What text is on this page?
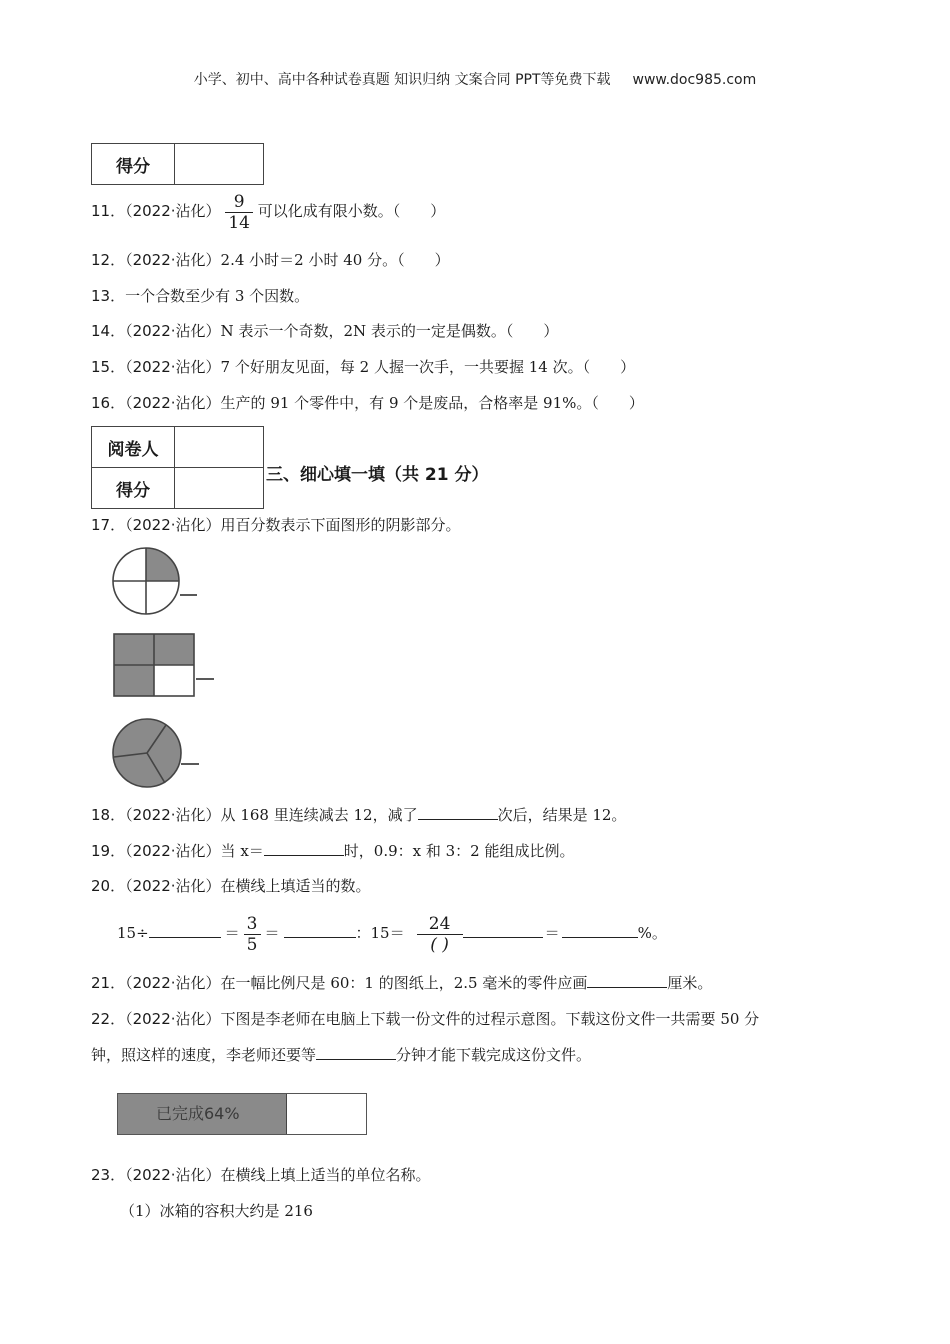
小学、初中、高中各种试卷真题 知识归纳 文案合同 PPT等免费下载 www.doc985.com
得分	
11．（2022·沾化） $\frac{9}{14}$ 可以化成有限小数。（　　）
12．（2022·沾化）2.4 小时＝2 小时 40 分。（　　）
13．一个合数至少有 3 个因数。
14．（2022·沾化）N 表示一个奇数，2N 表示的一定是偶数。（　　）
15．（2022·沾化）7 个好朋友见面，每 2 人握一次手，一共要握 14 次。（　　）
16．（2022·沾化）生产的 91 个零件中，有 9 个是废品，合格率是 91%。（　　）
阅卷人	
得分	
三、细心填一填（共 21 分）
17．（2022·沾化）用百分数表示下面图形的阴影部分。
18．（2022·沾化）从 168 里连续减去 12，减了	次后，结果是 12。
19．（2022·沾化）当 x＝	时，0.9：x 和 3：2 能组成比例。
20．（2022·沾化）在横线上填适当的数。
15÷	＝ $\frac{3}{5}$ ＝	：$15= \frac{24}{( )}$	＝	%。
21．（2022·沾化）在一幅比例尺是 60：1 的图纸上，2.5 毫米的零件应画	厘米。
22．（2022·沾化）下图是李老师在电脑上下载一份文件的过程示意图。下载这份文件一共需要 50 分
钟，照这样的速度，李老师还要等	分钟才能下载完成这份文件。
已完成64%
23．（2022·沾化）在横线上填上适当的单位名称。
（1）冰箱的容积大约是 216
